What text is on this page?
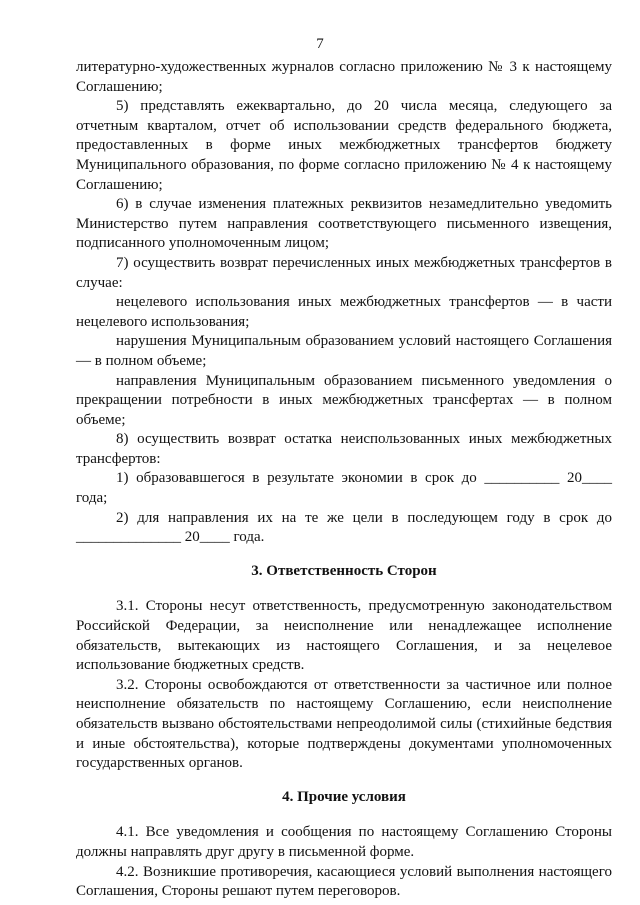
7

литературно-художественных журналов согласно приложению № 3 к настоящему Соглашению;

5) представлять ежеквартально, до 20 числа месяца, следующего за отчетным кварталом, отчет об использовании средств федерального бюджета, предоставленных в форме иных межбюджетных трансфертов бюджету Муниципального образования, по форме согласно приложению № 4 к настоящему Соглашению;

6) в случае изменения платежных реквизитов незамедлительно уведомить Министерство путем направления соответствующего письменного извещения, подписанного уполномоченным лицом;

7) осуществить возврат перечисленных иных межбюджетных трансфертов в случае:

нецелевого использования иных межбюджетных трансфертов — в части нецелевого использования;

нарушения Муниципальным образованием условий настоящего Соглашения — в полном объеме;

направления Муниципальным образованием письменного уведомления о прекращении потребности в иных межбюджетных трансфертах — в полном объеме;

8) осуществить возврат остатка неиспользованных иных межбюджетных трансфертов:

1) образовавшегося в результате экономии в срок до __________ 20____ года;

2) для направления их на те же цели в последующем году в срок до ______________ 20____ года.

3. Ответственность Сторон

3.1. Стороны несут ответственность, предусмотренную законодательством Российской Федерации, за неисполнение или ненадлежащее исполнение обязательств, вытекающих из настоящего Соглашения, и за нецелевое использование бюджетных средств.

3.2. Стороны освобождаются от ответственности за частичное или полное неисполнение обязательств по настоящему Соглашению, если неисполнение обязательств вызвано обстоятельствами непреодолимой силы (стихийные бедствия и иные обстоятельства), которые подтверждены документами уполномоченных государственных органов.

4. Прочие условия

4.1. Все уведомления и сообщения по настоящему Соглашению Стороны должны направлять друг другу в письменной форме.

4.2. Возникшие противоречия, касающиеся условий выполнения настоящего Соглашения, Стороны решают путем переговоров.
